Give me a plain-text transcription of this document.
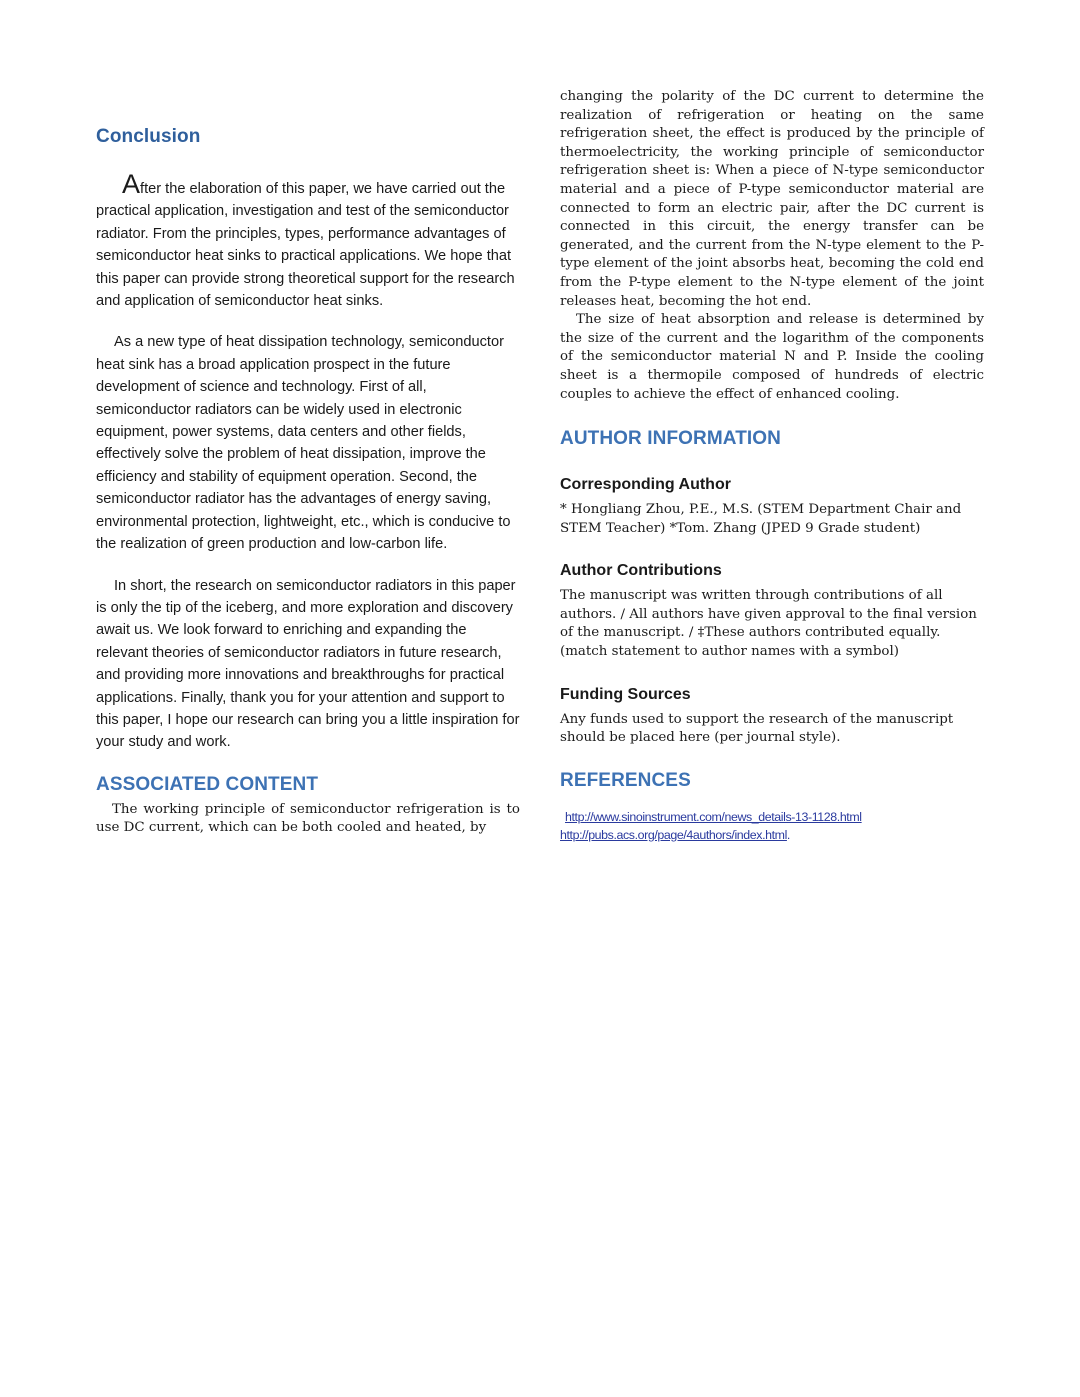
Conclusion

After the elaboration of this paper, we have carried out the practical application, investigation and test of the semiconductor radiator. From the principles, types, performance advantages of semiconductor heat sinks to practical applications. We hope that this paper can provide strong theoretical support for the research and application of semiconductor heat sinks.

As a new type of heat dissipation technology, semiconductor heat sink has a broad application prospect in the future development of science and technology. First of all, semiconductor radiators can be widely used in electronic equipment, power systems, data centers and other fields, effectively solve the problem of heat dissipation, improve the efficiency and stability of equipment operation. Second, the semiconductor radiator has the advantages of energy saving, environmental protection, lightweight, etc., which is conducive to the realization of green production and low-carbon life.

In short, the research on semiconductor radiators in this paper is only the tip of the iceberg, and more exploration and discovery await us. We look forward to enriching and expanding the relevant theories of semiconductor radiators in future research, and providing more innovations and breakthroughs for practical applications. Finally, thank you for your attention and support to this paper, I hope our research can bring you a little inspiration for your study and work.

ASSOCIATED CONTENT

The working principle of semiconductor refrigeration is to use DC current, which can be both cooled and heated, by

changing the polarity of the DC current to determine the realization of refrigeration or heating on the same refrigeration sheet, the effect is produced by the principle of thermoelectricity, the working principle of semiconductor refrigeration sheet is: When a piece of N-type semiconductor material and a piece of P-type semiconductor material are connected to form an electric pair, after the DC current is connected in this circuit, the energy transfer can be generated, and the current from the N-type element to the P-type element of the joint absorbs heat, becoming the cold end from the P-type element to the N-type element of the joint releases heat, becoming the hot end.

The size of heat absorption and release is determined by the size of the current and the logarithm of the components of the semiconductor material N and P. Inside the cooling sheet is a thermopile composed of hundreds of electric couples to achieve the effect of enhanced cooling.

AUTHOR INFORMATION
Corresponding Author

* Hongliang Zhou, P.E., M.S. (STEM Department Chair and STEM Teacher) *Tom. Zhang (JPED 9 Grade student)

Author Contributions

The manuscript was written through contributions of all authors. / All authors have given approval to the final version of the manuscript. / ‡These authors contributed equally. (match statement to author names with a symbol)

Funding Sources

Any funds used to support the research of the manuscript should be placed here (per journal style).

REFERENCES
http://www.sinoinstrument.com/news_details-13-1128.html
http://pubs.acs.org/page/4authors/index.html.
